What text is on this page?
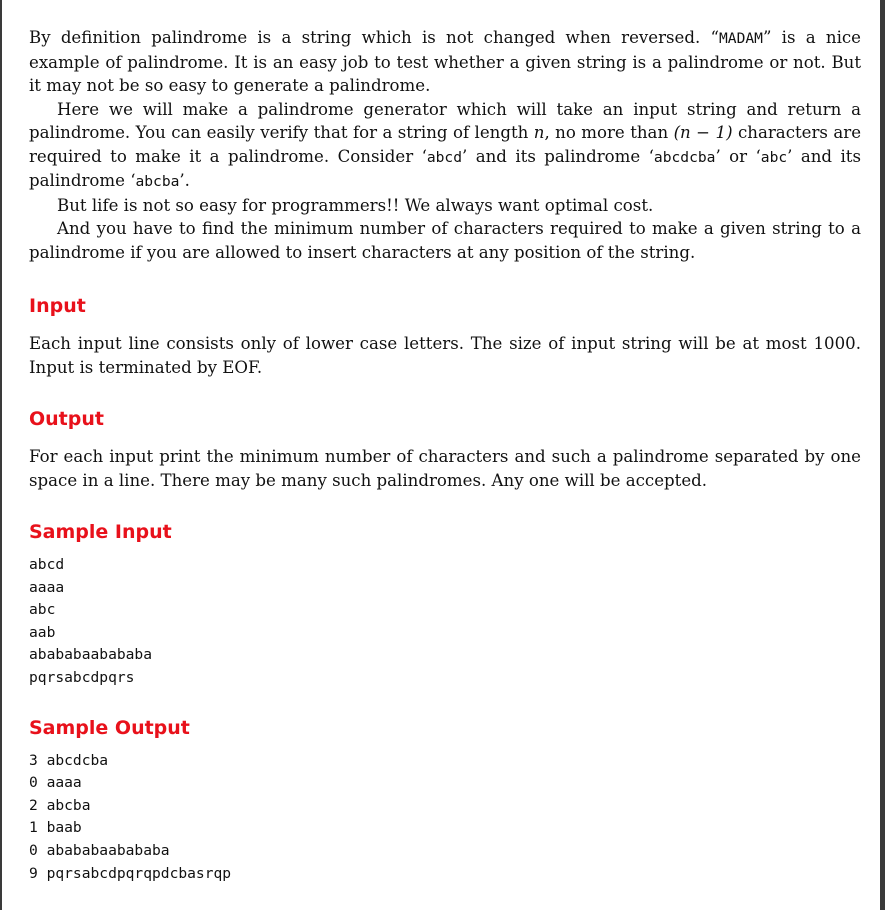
By definition palindrome is a string which is not changed when reversed. “MADAM” is a nice example of palindrome. It is an easy job to test whether a given string is a palindrome or not. But it may not be so easy to generate a palindrome.

Here we will make a palindrome generator which will take an input string and return a palindrome. You can easily verify that for a string of length n, no more than (n − 1) characters are required to make it a palindrome. Consider ‘abcd’ and its palindrome ‘abcdcba’ or ‘abc’ and its palindrome ‘abcba’.

But life is not so easy for programmers!! We always want optimal cost.

And you have to find the minimum number of characters required to make a given string to a palindrome if you are allowed to insert characters at any position of the string.

Input

Each input line consists only of lower case letters. The size of input string will be at most 1000. Input is terminated by EOF.

Output

For each input print the minimum number of characters and such a palindrome separated by one space in a line. There may be many such palindromes. Any one will be accepted.

Sample Input
abcd
aaaa
abc
aab
abababaabababa
pqrsabcdpqrs
Sample Output
3 abcdcba
0 aaaa
2 abcba
1 baab
0 abababaabababa
9 pqrsabcdpqrqpdcbasrqp
